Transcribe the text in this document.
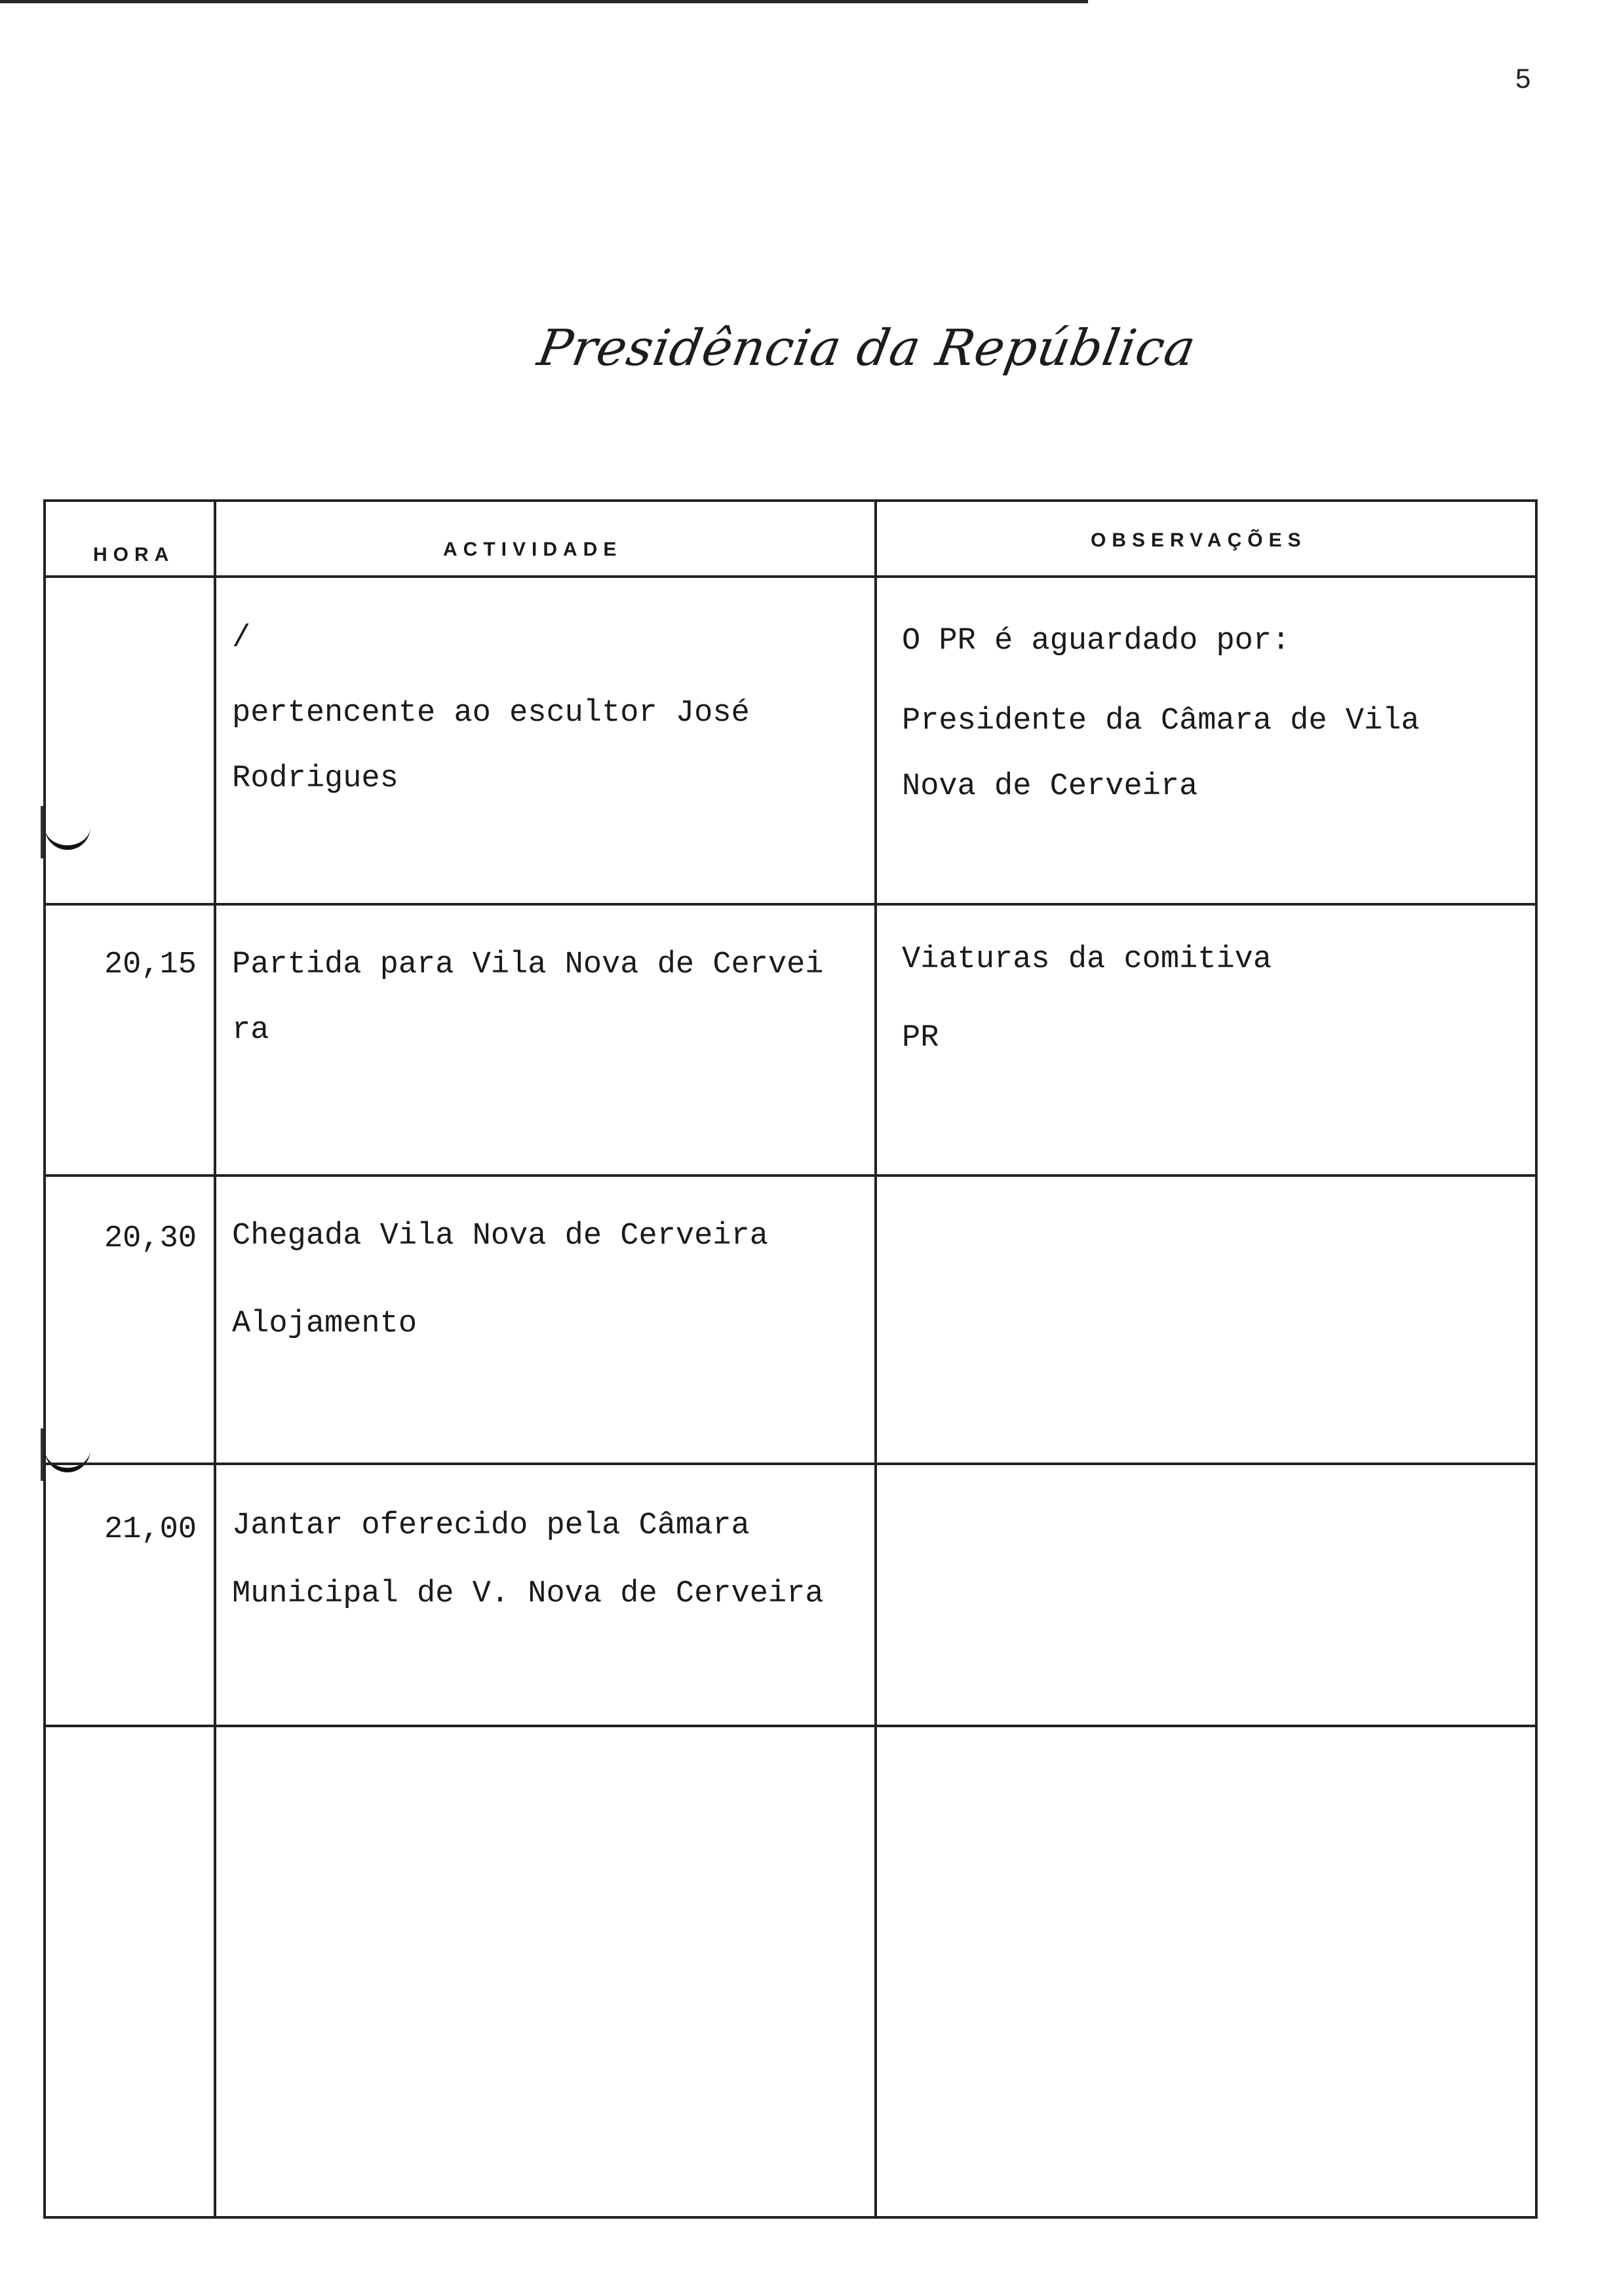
5
Presidência da República
HORA	ACTIVIDADE	OBSERVAÇÕES
/
pertencente ao escultor José
Rodrigues
O PR é aguardado por:
Presidente da Câmara de Vila
Nova de Cerveira
20,15 Partida para Vila Nova de Cervei
ra
Viaturas da comitiva
PR
20,30 Chegada Vila Nova de Cerveira
Alojamento
21,00 Jantar oferecido pela Câmara
Municipal de V. Nova de Cerveira
